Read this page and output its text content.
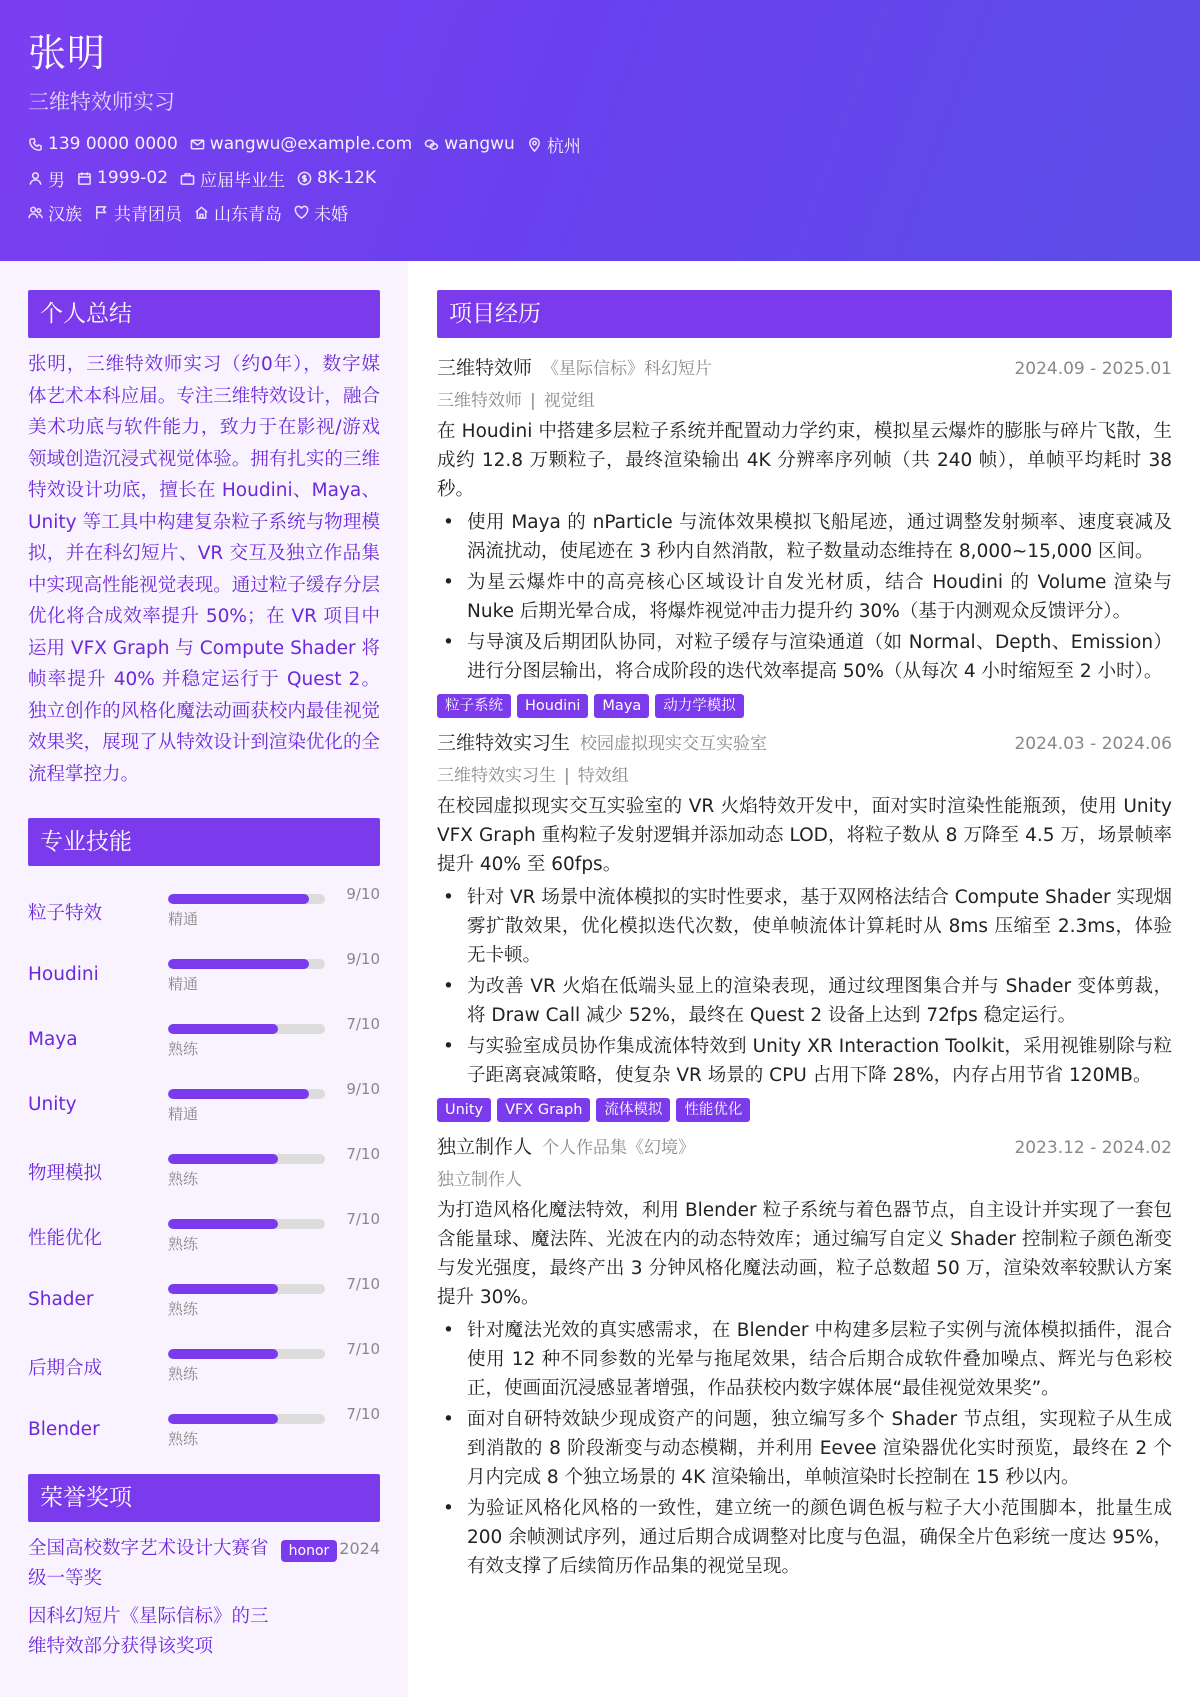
张明
三维特效师实习
139 0000 0000 wangwu@example.com wangwu 杭州
男 1999-02 应届毕业生 8K-12K
汉族 共青团员 山东青岛 未婚
个人总结
张明，三维特效师实习（约0年），数字媒体艺术本科应届。专注三维特效设计，融合美术功底与软件能力，致力于在影视/游戏领域创造沉浸式视觉体验。拥有扎实的三维特效设计功底，擅长在 Houdini、Maya、Unity 等工具中构建复杂粒子系统与物理模拟，并在科幻短片、VR 交互及独立作品集中实现高性能视觉表现。通过粒子缓存分层优化将合成效率提升 50%；在 VR 项目中运用 VFX Graph 与 Compute Shader 将帧率提升 40% 并稳定运行于 Quest 2。独立创作的风格化魔法动画获校内最佳视觉效果奖，展现了从特效设计到渲染优化的全流程掌控力。
专业技能
粒子特效
9/10
精通
Houdini
9/10
精通
Maya
7/10
熟练
Unity
9/10
精通
物理模拟
7/10
熟练
性能优化
7/10
熟练
Shader
7/10
熟练
后期合成
7/10
熟练
Blender
7/10
熟练
荣誉奖项
全国高校数字艺术设计大赛省级一等奖
honor 2024
因科幻短片《星际信标》的三维特效部分获得该奖项
项目经历
三维特效师 《星际信标》科幻短片	2024.09 - 2025.01
三维特效师 | 视觉组
在 Houdini 中搭建多层粒子系统并配置动力学约束，模拟星云爆炸的膨胀与碎片飞散，生成约 12.8 万颗粒子，最终渲染输出 4K 分辨率序列帧（共 240 帧），单帧平均耗时 38 秒。
• 使用 Maya 的 nParticle 与流体效果模拟飞船尾迹，通过调整发射频率、速度衰减及涡流扰动，使尾迹在 3 秒内自然消散，粒子数量动态维持在 8,000~15,000 区间。
• 为星云爆炸中的高亮核心区域设计自发光材质，结合 Houdini 的 Volume 渲染与 Nuke 后期光晕合成，将爆炸视觉冲击力提升约 30%（基于内测观众反馈评分）。
• 与导演及后期团队协同，对粒子缓存与渲染通道（如 Normal、Depth、Emission）进行分图层输出，将合成阶段的迭代效率提高 50%（从每次 4 小时缩短至 2 小时）。
粒子系统	Houdini	Maya	动力学模拟
三维特效实习生 校园虚拟现实交互实验室	2024.03 - 2024.06
三维特效实习生 | 特效组
在校园虚拟现实交互实验室的 VR 火焰特效开发中，面对实时渲染性能瓶颈，使用 Unity VFX Graph 重构粒子发射逻辑并添加动态 LOD，将粒子数从 8 万降至 4.5 万，场景帧率提升 40% 至 60fps。
• 针对 VR 场景中流体模拟的实时性要求，基于双网格法结合 Compute Shader 实现烟雾扩散效果，优化模拟迭代次数，使单帧流体计算耗时从 8ms 压缩至 2.3ms，体验无卡顿。
• 为改善 VR 火焰在低端头显上的渲染表现，通过纹理图集合并与 Shader 变体剪裁，将 Draw Call 减少 52%，最终在 Quest 2 设备上达到 72fps 稳定运行。
• 与实验室成员协作集成流体特效到 Unity XR Interaction Toolkit，采用视锥剔除与粒子距离衰减策略，使复杂 VR 场景的 CPU 占用下降 28%，内存占用节省 120MB。
Unity	VFX Graph	流体模拟	性能优化
独立制作人 个人作品集《幻境》	2023.12 - 2024.02
独立制作人
为打造风格化魔法特效，利用 Blender 粒子系统与着色器节点，自主设计并实现了一套包含能量球、魔法阵、光波在内的动态特效库；通过编写自定义 Shader 控制粒子颜色渐变与发光强度，最终产出 3 分钟风格化魔法动画，粒子总数超 50 万，渲染效率较默认方案提升 30%。
• 针对魔法光效的真实感需求，在 Blender 中构建多层粒子实例与流体模拟插件，混合使用 12 种不同参数的光晕与拖尾效果，结合后期合成软件叠加噪点、辉光与色彩校正，使画面沉浸感显著增强，作品获校内数字媒体展“最佳视觉效果奖”。
• 面对自研特效缺少现成资产的问题，独立编写多个 Shader 节点组，实现粒子从生成到消散的 8 阶段渐变与动态模糊，并利用 Eevee 渲染器优化实时预览，最终在 2 个月内完成 8 个独立场景的 4K 渲染输出，单帧渲染时长控制在 15 秒以内。
• 为验证风格化风格的一致性，建立统一的颜色调色板与粒子大小范围脚本，批量生成 200 余帧测试序列，通过后期合成调整对比度与色温，确保全片色彩统一度达 95%，有效支撑了后续简历作品集的视觉呈现。
